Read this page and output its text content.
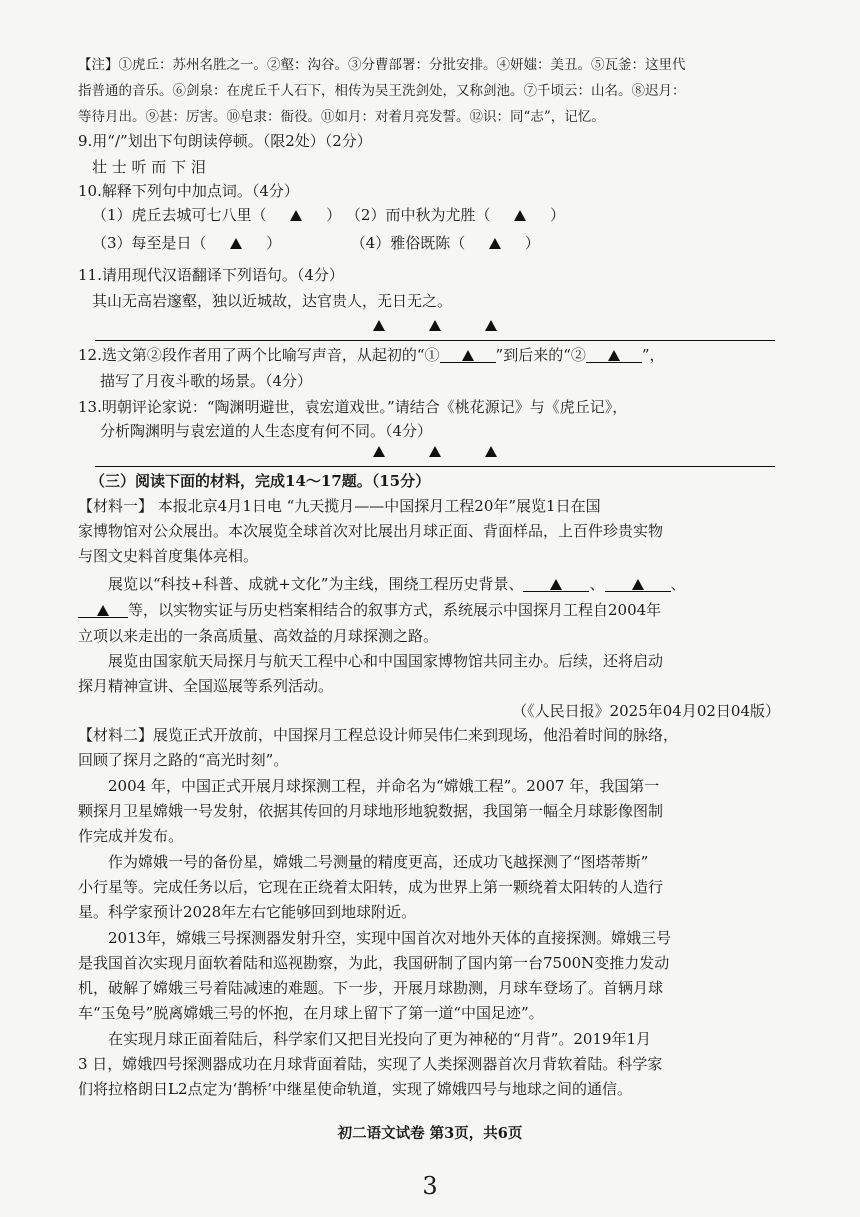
【注】①虎丘：苏州名胜之一。②壑：沟谷。③分曹部署：分批安排。④妍媸：美丑。⑤瓦釜：这里代
指普通的音乐。⑥剑泉：在虎丘千人石下，相传为吴王洗剑处，又称剑池。⑦千顷云：山名。⑧迟月：
等待月出。⑨甚：厉害。⑩皂隶：衙役。⑪如月：对着月亮发誓。⑫识：同“志”，记忆。
9.用“/”划出下句朗读停顿。（限2处）（2分）
壮 士 听 而 下 泪
10.解释下列句中加点词。（4分）
（1）虎丘去城可七八里（	） （2）而中秋为尤胜（	）
（3）每至是日（	）	（4）雅俗既陈（	）
11.请用现代汉语翻译下列语句。（4分）
其山无高岩邃壑，独以近城故，达官贵人，无日无之。
12.选文第②段作者用了两个比喻写声音，从起初的“①	”到后来的“②	”，
描写了月夜斗歌的场景。（4分）
13.明朝评论家说：“陶渊明避世，袁宏道戏世。”请结合《桃花源记》与《虎丘记》，
分析陶渊明与袁宏道的人生态度有何不同。（4分）
（三）阅读下面的材料，完成14～17题。（15分）
【材料一】 本报北京4月1日电 “九天揽月——中国探月工程20年”展览1日在国
家博物馆对公众展出。本次展览全球首次对比展出月球正面、背面样品，上百件珍贵实物
与图文史料首度集体亮相。
展览以“科技+科普、成就+文化”为主线，围绕工程历史背景、	、	、
等，以实物实证与历史档案相结合的叙事方式，系统展示中国探月工程自2004年
立项以来走出的一条高质量、高效益的月球探测之路。
展览由国家航天局探月与航天工程中心和中国国家博物馆共同主办。后续，还将启动
探月精神宣讲、全国巡展等系列活动。
（《人民日报》2025年04月02日04版）
【材料二】展览正式开放前，中国探月工程总设计师吴伟仁来到现场，他沿着时间的脉络，
回顾了探月之路的“高光时刻”。
2004 年，中国正式开展月球探测工程，并命名为“嫦娥工程”。2007 年，我国第一
颗探月卫星嫦娥一号发射，依据其传回的月球地形地貌数据，我国第一幅全月球影像图制
作完成并发布。
作为嫦娥一号的备份星，嫦娥二号测量的精度更高，还成功飞越探测了“图塔蒂斯”
小行星等。完成任务以后，它现在正绕着太阳转，成为世界上第一颗绕着太阳转的人造行
星。科学家预计2028年左右它能够回到地球附近。
2013年，嫦娥三号探测器发射升空，实现中国首次对地外天体的直接探测。嫦娥三号
是我国首次实现月面软着陆和巡视勘察，为此，我国研制了国内第一台7500N变推力发动
机，破解了嫦娥三号着陆减速的难题。下一步，开展月球勘测，月球车登场了。首辆月球
车“玉兔号”脱离嫦娥三号的怀抱，在月球上留下了第一道“中国足迹”。
在实现月球正面着陆后，科学家们又把目光投向了更为神秘的“月背”。2019年1月
3 日，嫦娥四号探测器成功在月球背面着陆，实现了人类探测器首次月背软着陆。科学家
们将拉格朗日L2点定为‘鹊桥’中继星使命轨道，实现了嫦娥四号与地球之间的通信。
初二语文试卷 第3页，共6页
3
